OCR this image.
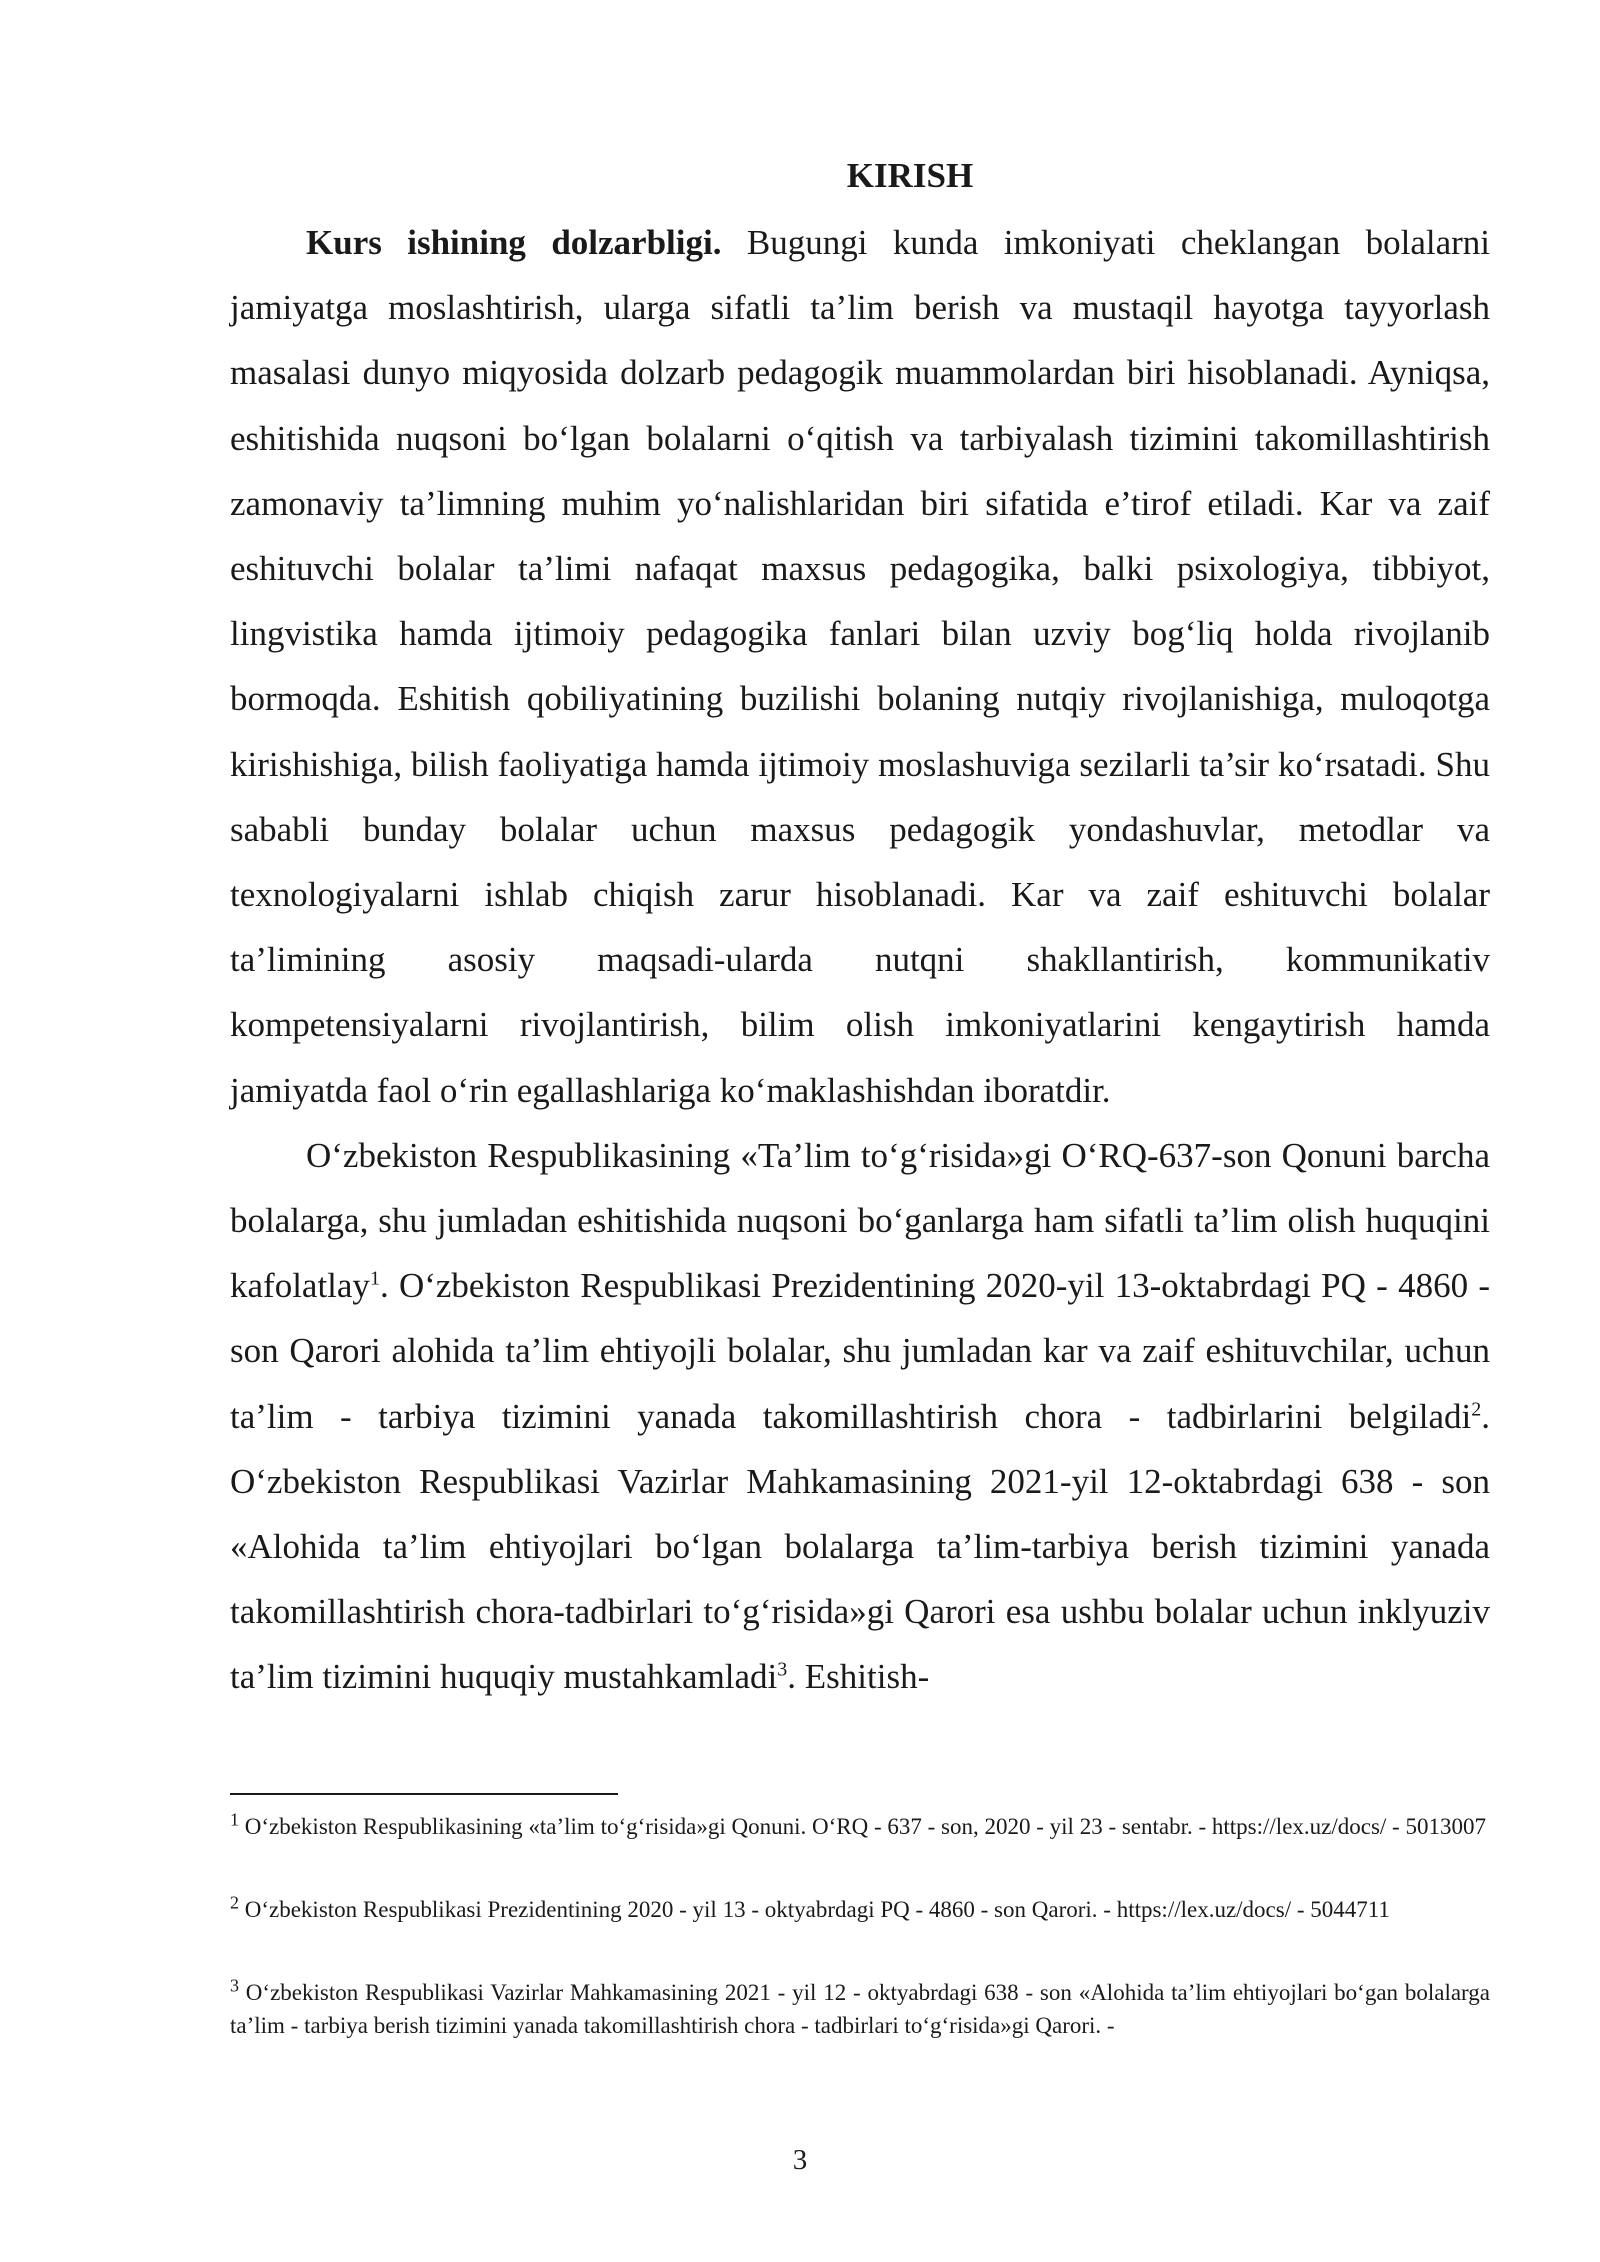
KIRISH

Kurs ishining dolzarbligi. Bugungi kunda imkoniyati cheklangan bolalarni jamiyatga moslashtirish, ularga sifatli ta’lim berish va mustaqil hayotga tayyorlash masalasi dunyo miqyosida dolzarb pedagogik muammolardan biri hisoblanadi. Ayniqsa, eshitishida nuqsoni bo‘lgan bolalarni o‘qitish va tarbiyalash tizimini takomillashtirish zamonaviy ta’limning muhim yo‘nalishlaridan biri sifatida e’tirof etiladi. Kar va zaif eshituvchi bolalar ta’limi nafaqat maxsus pedagogika, balki psixologiya, tibbiyot, lingvistika hamda ijtimoiy pedagogika fanlari bilan uzviy bog‘liq holda rivojlanib bormoqda. Eshitish qobiliyatining buzilishi bolaning nutqiy rivojlanishiga, muloqotga kirishishiga, bilish faoliyatiga hamda ijtimoiy moslashuviga sezilarli ta’sir ko‘rsatadi. Shu sababli bunday bolalar uchun maxsus pedagogik yondashuvlar, metodlar va texnologiyalarni ishlab chiqish zarur hisoblanadi. Kar va zaif eshituvchi bolalar ta’limining asosiy maqsadi-ularda nutqni shakllantirish, kommunikativ kompetensiyalarni rivojlantirish, bilim olish imkoniyatlarini kengaytirish hamda jamiyatda faol o‘rin egallashlariga ko‘maklashishdan iboratdir.

O‘zbekiston Respublikasining «Ta’lim to‘g‘risida»gi O‘RQ-637-son Qonuni barcha bolalarga, shu jumladan eshitishida nuqsoni bo‘ganlarga ham sifatli ta’lim olish huquqini kafolatlay$^1$. O‘zbekiston Respublikasi Prezidentining 2020-yil 13-oktabrdagi PQ - 4860 - son Qarori alohida ta’lim ehtiyojli bolalar, shu jumladan kar va zaif eshituvchilar, uchun ta’lim - tarbiya tizimini yanada takomillashtirish chora - tadbirlarini belgiladi$^2$. O‘zbekiston Respublikasi Vazirlar Mahkamasining 2021-yil 12-oktabrdagi 638 - son «Alohida ta’lim ehtiyojlari bo‘lgan bolalarga ta’lim-tarbiya berish tizimini yanada takomillashtirish chora-tadbirlari to‘g‘risida»gi Qarori esa ushbu bolalar uchun inklyuziv ta’lim tizimini huquqiy mustahkamladi$^3$. Eshitish-

$^1$ O‘zbekiston Respublikasining «ta’lim to‘g‘risida»gi Qonuni. O‘RQ - 637 - son, 2020 - yil 23 - sentabr. - https://lex.uz/docs/ - 5013007

$^2$ O‘zbekiston Respublikasi Prezidentining 2020 - yil 13 - oktyabrdagi PQ - 4860 - son Qarori. - https://lex.uz/docs/ - 5044711

$^3$ O‘zbekiston Respublikasi Vazirlar Mahkamasining 2021 - yil 12 - oktyabrdagi 638 - son «Alohida ta’lim ehtiyojlari bo‘gan bolalarga ta’lim - tarbiya berish tizimini yanada takomillashtirish chora - tadbirlari to‘g‘risida»gi Qarori. -

3
